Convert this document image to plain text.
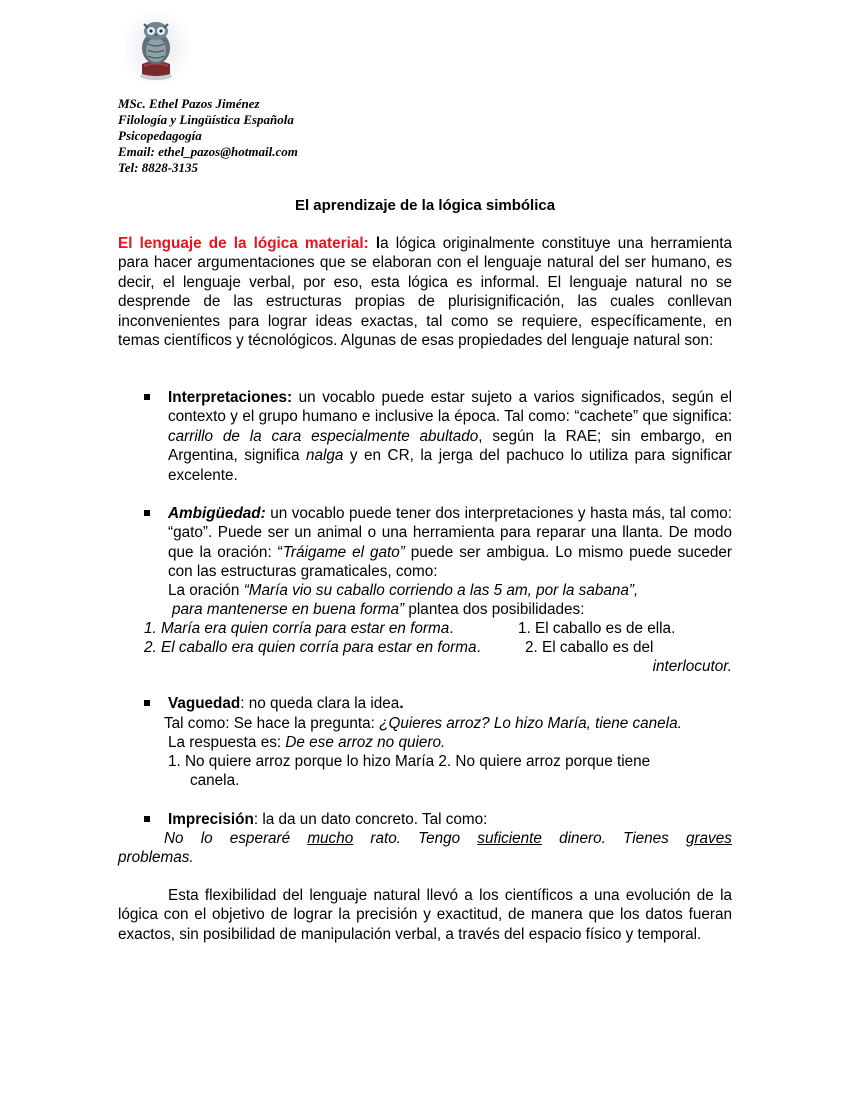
MSc. Ethel Pazos Jiménez
Filología y Lingüística Española
Psicopedagogía
Email: ethel_pazos@hotmail.com
Tel: 8828-3135
El aprendizaje de la lógica simbólica
El lenguaje de la lógica material: la lógica originalmente constituye una herramienta para hacer argumentaciones que se elaboran con el lenguaje natural del ser humano, es decir, el lenguaje verbal, por eso, esta lógica es informal. El lenguaje natural no se desprende de las estructuras propias de plurisignificación, las cuales conllevan inconvenientes para lograr ideas exactas, tal como se requiere, específicamente, en temas científicos y técnológicos. Algunas de esas propiedades del lenguaje natural son:
Interpretaciones: un vocablo puede estar sujeto a varios significados, según el contexto y el grupo humano e inclusive la época. Tal como: “cachete” que significa: carrillo de la cara especialmente abultado, según la RAE; sin embargo, en Argentina, significa nalga y en CR, la jerga del pachuco lo utiliza para significar excelente.
Ambigüedad: un vocablo puede tener dos interpretaciones y hasta más, tal como: “gato”. Puede ser un animal o una herramienta para reparar una llanta. De modo que la oración: “Tráigame el gato” puede ser ambigua. Lo mismo puede suceder con las estructuras gramaticales, como:
La oración “María vio su caballo corriendo a las 5 am, por la sabana”,
para mantenerse en buena forma” plantea dos posibilidades:
1. María era quien corría para estar en forma.	1. El caballo es de ella.
2. El caballo era quien corría para estar en forma.	2. El caballo es del
interlocutor.
Vaguedad: no queda clara la idea.
Tal como: Se hace la pregunta: ¿Quieres arroz? Lo hizo María, tiene canela.
La respuesta es: De ese arroz no quiero.
1. No quiere arroz porque lo hizo María 2. No quiere arroz porque tiene
canela.
Imprecisión: la da un dato concreto. Tal como:
No lo esperaré mucho rato. Tengo suficiente dinero. Tienes graves
problemas.
Esta flexibilidad del lenguaje natural llevó a los científicos a una evolución de la lógica con el objetivo de lograr la precisión y exactitud, de manera que los datos fueran exactos, sin posibilidad de manipulación verbal, a través del espacio físico y temporal.
